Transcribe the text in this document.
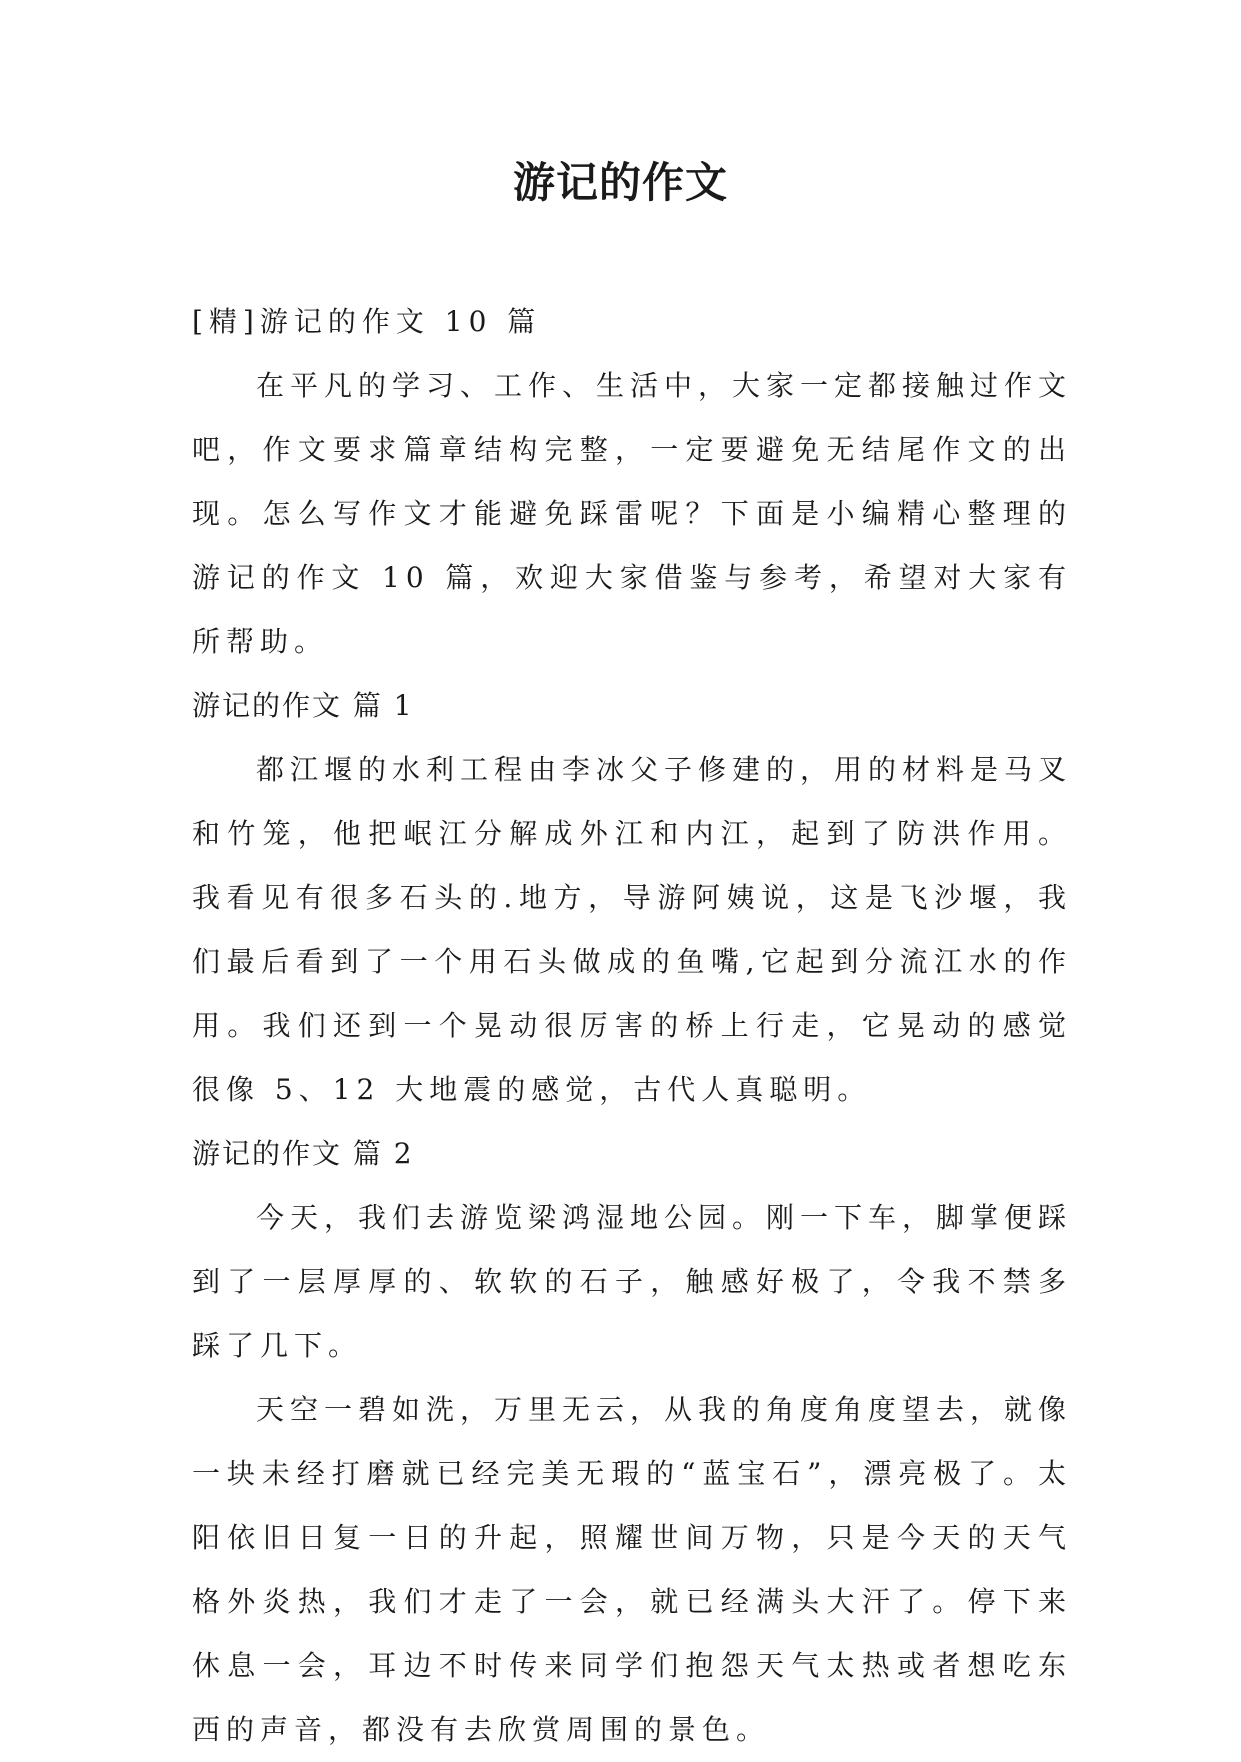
游记的作文

[精]游记的作文 10 篇

在平凡的学习、工作、生活中，大家一定都接触过作文吧，作文要求篇章结构完整，一定要避免无结尾作文的出现。怎么写作文才能避免踩雷呢？下面是小编精心整理的游记的作文 10 篇，欢迎大家借鉴与参考，希望对大家有所帮助。

游记的作文 篇 1

都江堰的水利工程由李冰父子修建的，用的材料是马叉和竹笼，他把岷江分解成外江和内江，起到了防洪作用。我看见有很多石头的.地方，导游阿姨说，这是飞沙堰，我们最后看到了一个用石头做成的鱼嘴,它起到分流江水的作用。我们还到一个晃动很厉害的桥上行走，它晃动的感觉很像 5、12 大地震的感觉，古代人真聪明。

游记的作文 篇 2

今天，我们去游览梁鸿湿地公园。刚一下车，脚掌便踩到了一层厚厚的、软软的石子，触感好极了，令我不禁多踩了几下。

天空一碧如洗，万里无云，从我的角度角度望去，就像一块未经打磨就已经完美无瑕的“蓝宝石”，漂亮极了。太阳依旧日复一日的升起，照耀世间万物，只是今天的天气格外炎热，我们才走了一会，就已经满头大汗了。停下来休息一会，耳边不时传来同学们抱怨天气太热或者想吃东西的声音，都没有去欣赏周围的景色。
